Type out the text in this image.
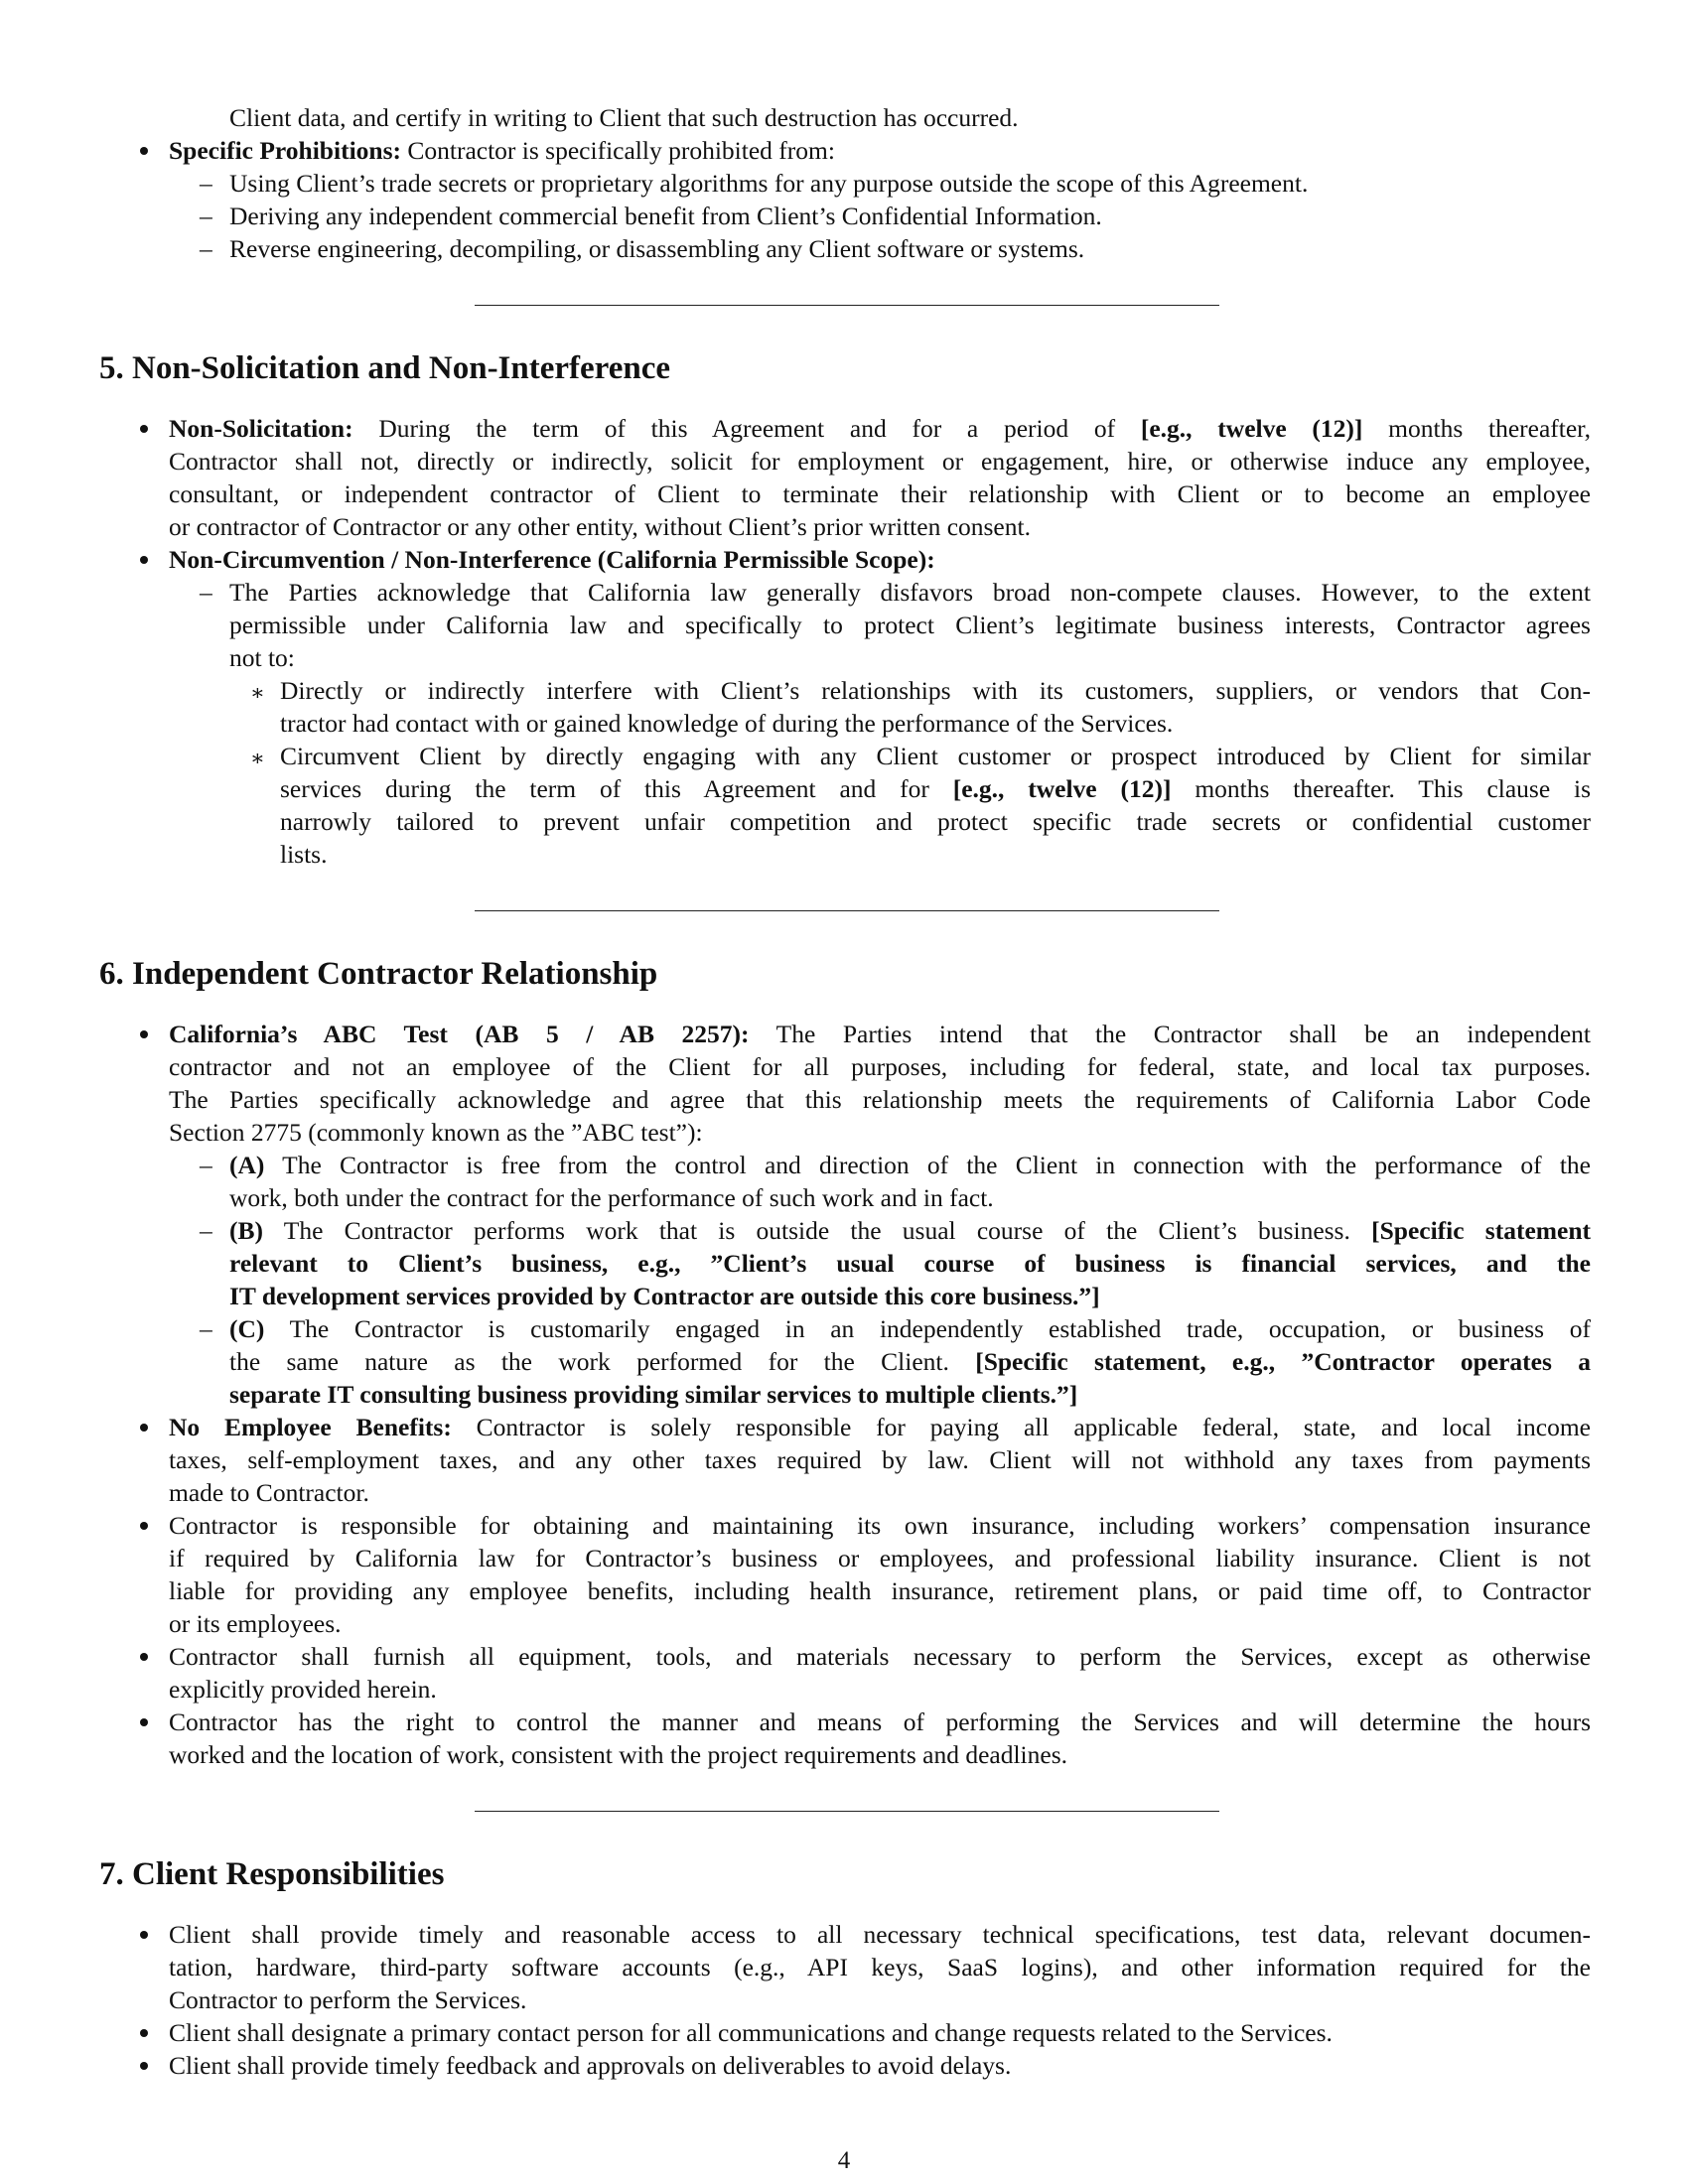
Client data, and certify in writing to Client that such destruction has occurred.
Specific Prohibitions: Contractor is specifically prohibited from:
– Using Client’s trade secrets or proprietary algorithms for any purpose outside the scope of this Agreement.
– Deriving any independent commercial benefit from Client’s Confidential Information.
– Reverse engineering, decompiling, or disassembling any Client software or systems.
5. Non-Solicitation and Non-Interference
Non-Solicitation: During the term of this Agreement and for a period of [e.g., twelve (12)] months thereafter,
Contractor shall not, directly or indirectly, solicit for employment or engagement, hire, or otherwise induce any employee,
consultant, or independent contractor of Client to terminate their relationship with Client or to become an employee
or contractor of Contractor or any other entity, without Client’s prior written consent.
Non-Circumvention / Non-Interference (California Permissible Scope):
– The Parties acknowledge that California law generally disfavors broad non-compete clauses. However, to the extent
permissible under California law and specifically to protect Client’s legitimate business interests, Contractor agrees
not to:
∗ Directly or indirectly interfere with Client’s relationships with its customers, suppliers, or vendors that Con-
tractor had contact with or gained knowledge of during the performance of the Services.
∗ Circumvent Client by directly engaging with any Client customer or prospect introduced by Client for similar
services during the term of this Agreement and for [e.g., twelve (12)] months thereafter. This clause is
narrowly tailored to prevent unfair competition and protect specific trade secrets or confidential customer
lists.
6. Independent Contractor Relationship
California’s ABC Test (AB 5 / AB 2257): The Parties intend that the Contractor shall be an independent
contractor and not an employee of the Client for all purposes, including for federal, state, and local tax purposes.
The Parties specifically acknowledge and agree that this relationship meets the requirements of California Labor Code
Section 2775 (commonly known as the ”ABC test”):
– (A) The Contractor is free from the control and direction of the Client in connection with the performance of the
work, both under the contract for the performance of such work and in fact.
– (B) The Contractor performs work that is outside the usual course of the Client’s business. [Specific statement
relevant to Client’s business, e.g., ”Client’s usual course of business is financial services, and the
IT development services provided by Contractor are outside this core business.”]
– (C) The Contractor is customarily engaged in an independently established trade, occupation, or business of
the same nature as the work performed for the Client. [Specific statement, e.g., ”Contractor operates a
separate IT consulting business providing similar services to multiple clients.”]
No Employee Benefits: Contractor is solely responsible for paying all applicable federal, state, and local income
taxes, self-employment taxes, and any other taxes required by law. Client will not withhold any taxes from payments
made to Contractor.
Contractor is responsible for obtaining and maintaining its own insurance, including workers’ compensation insurance
if required by California law for Contractor’s business or employees, and professional liability insurance. Client is not
liable for providing any employee benefits, including health insurance, retirement plans, or paid time off, to Contractor
or its employees.
Contractor shall furnish all equipment, tools, and materials necessary to perform the Services, except as otherwise
explicitly provided herein.
Contractor has the right to control the manner and means of performing the Services and will determine the hours
worked and the location of work, consistent with the project requirements and deadlines.
7. Client Responsibilities
Client shall provide timely and reasonable access to all necessary technical specifications, test data, relevant documen-
tation, hardware, third-party software accounts (e.g., API keys, SaaS logins), and other information required for the
Contractor to perform the Services.
Client shall designate a primary contact person for all communications and change requests related to the Services.
Client shall provide timely feedback and approvals on deliverables to avoid delays.
4
